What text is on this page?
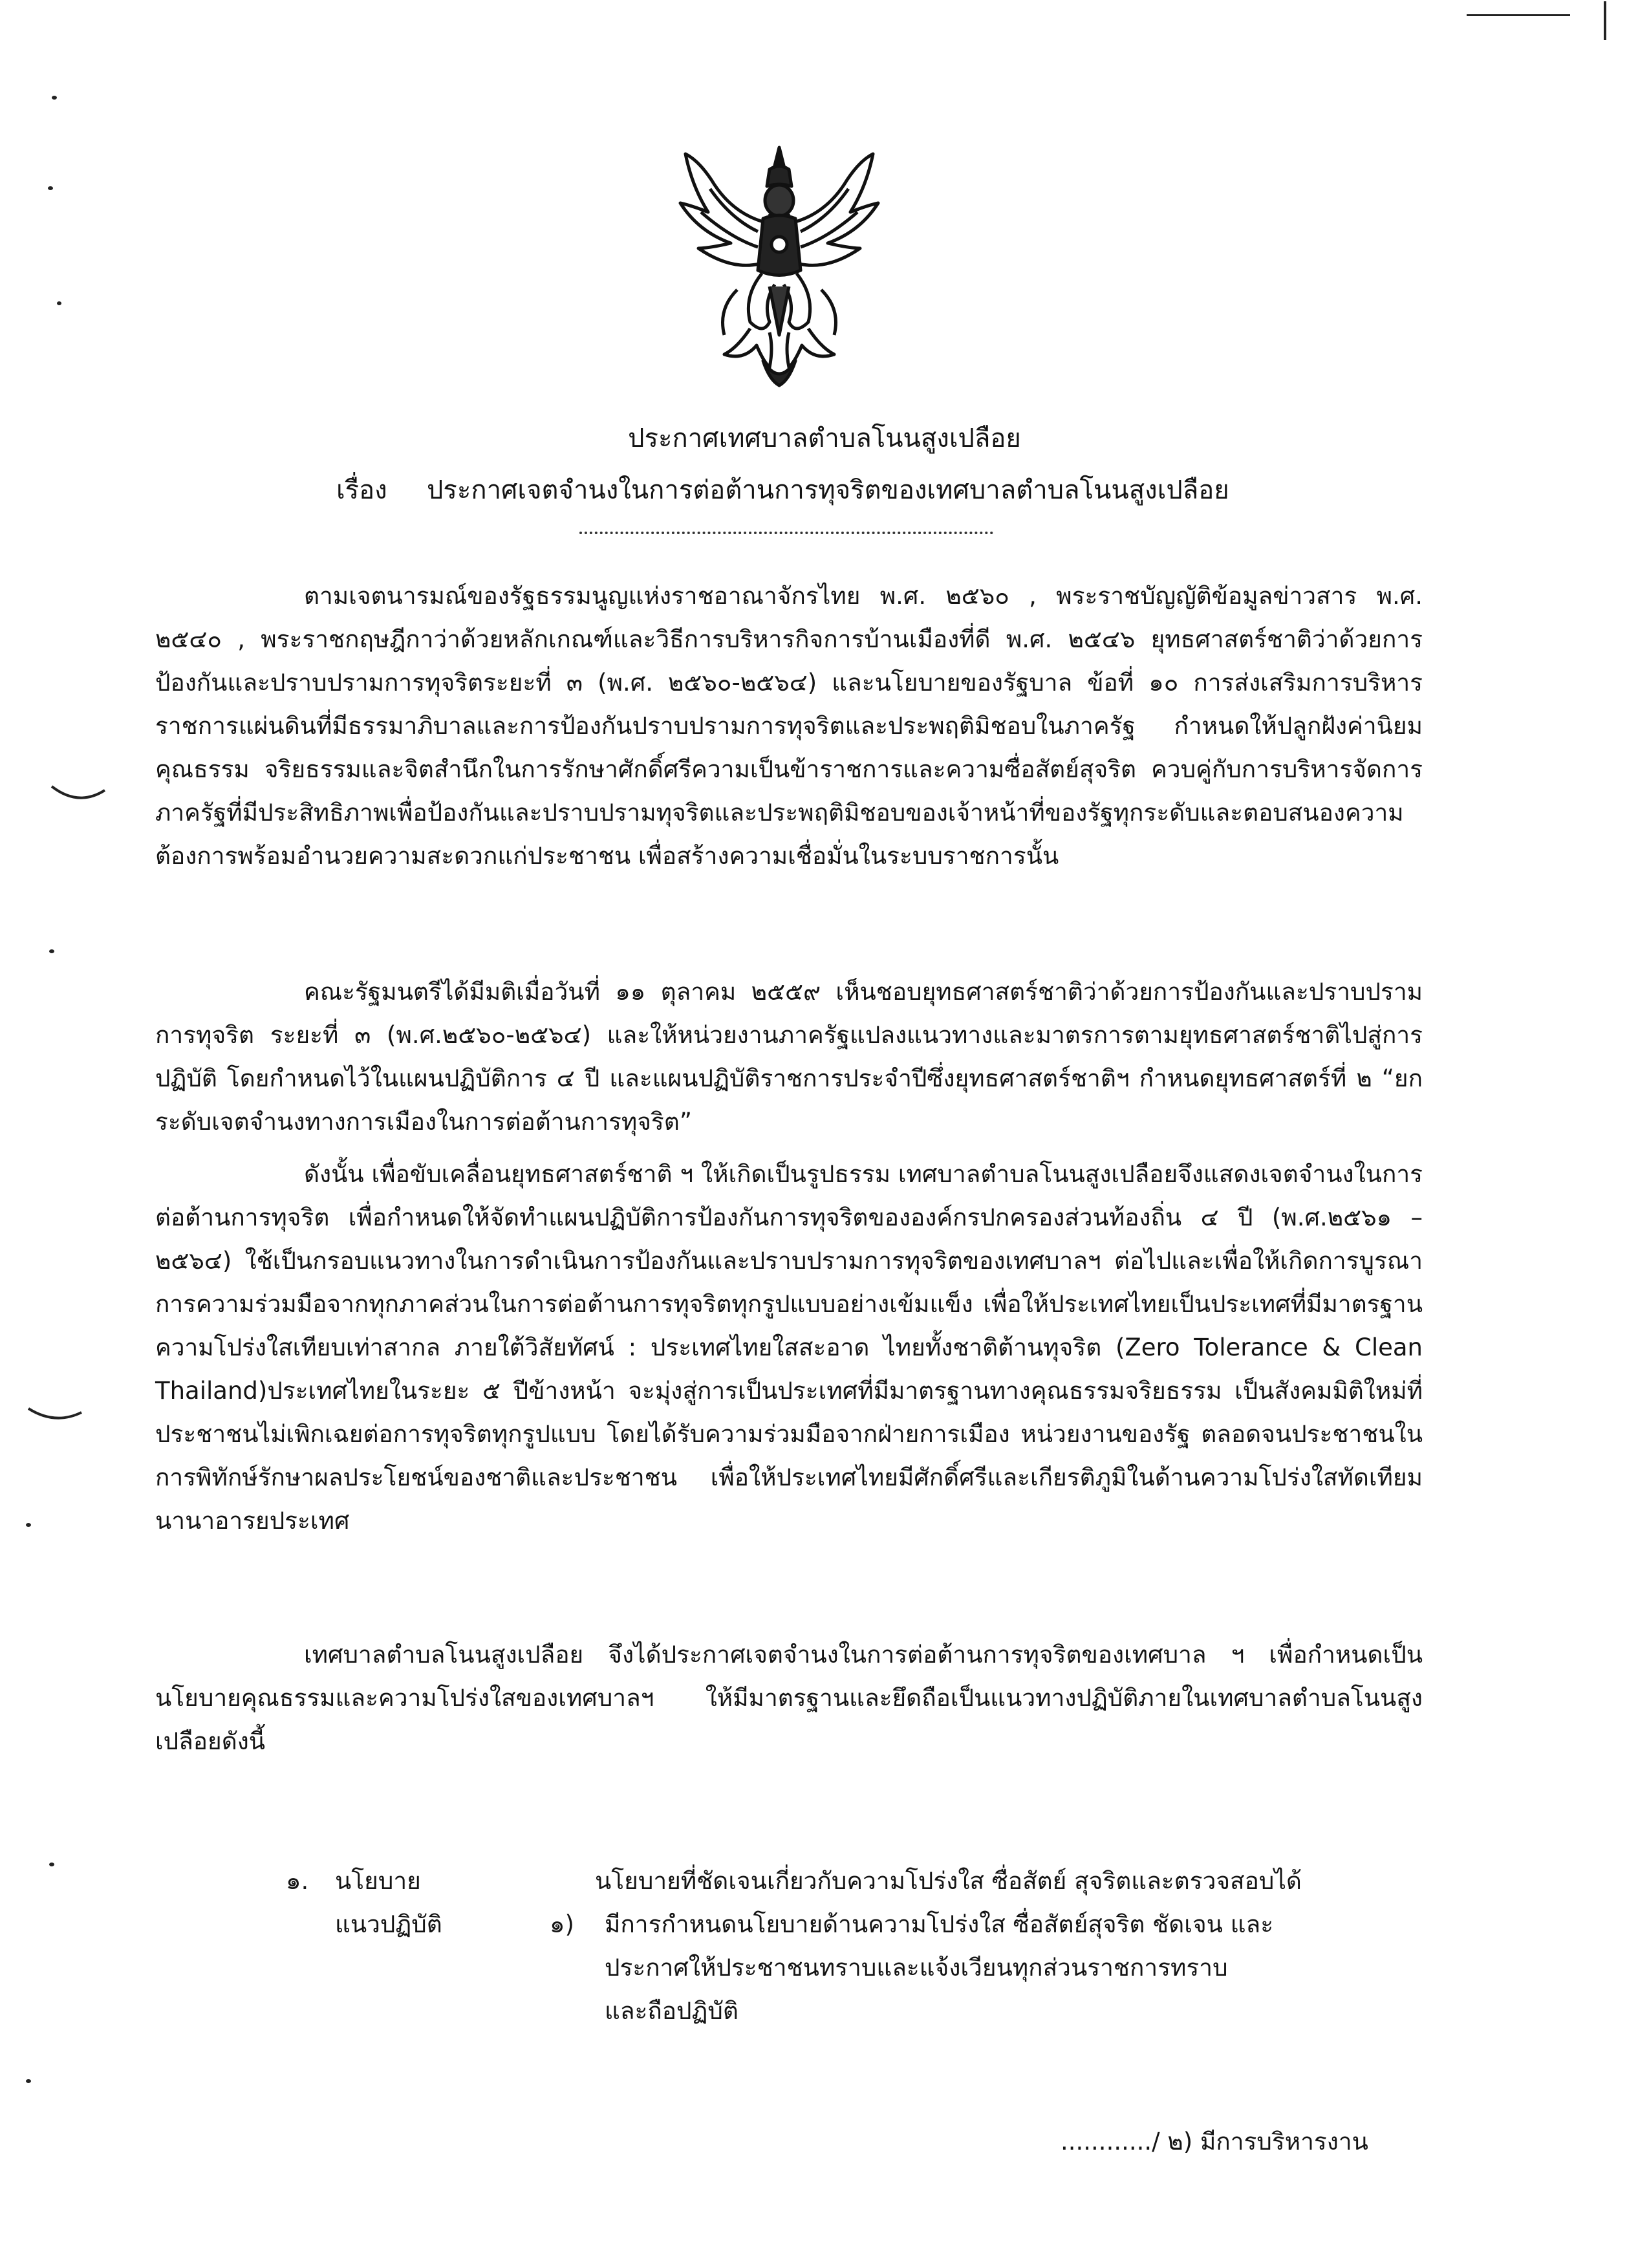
ประกาศเทศบาลตำบลโนนสูงเปลือย
เรื่อง ประกาศเจตจำนงในการต่อต้านการทุจริตของเทศบาลตำบลโนนสูงเปลือย

ตามเจตนารมณ์ของรัฐธรรมนูญแห่งราชอาณาจักรไทย พ.ศ. ๒๕๖๐ , พระราชบัญญัติข้อมูลข่าวสาร พ.ศ. ๒๕๔๐ , พระราชกฤษฎีกาว่าด้วยหลักเกณฑ์และวิธีการบริหารกิจการบ้านเมืองที่ดี พ.ศ. ๒๕๔๖ ยุทธศาสตร์ชาติว่าด้วยการป้องกันและปราบปรามการทุจริตระยะที่ ๓ (พ.ศ. ๒๕๖๐-๒๕๖๔) และนโยบายของรัฐบาล ข้อที่ ๑๐ การส่งเสริมการบริหารราชการแผ่นดินที่มีธรรมาภิบาลและการป้องกันปราบปรามการทุจริตและประพฤติมิชอบในภาครัฐ กำหนดให้ปลูกฝังค่านิยมคุณธรรม จริยธรรมและจิตสำนึกในการรักษาศักดิ์ศรีความเป็นข้าราชการและความซื่อสัตย์สุจริต ควบคู่กับการบริหารจัดการภาครัฐที่มีประสิทธิภาพเพื่อป้องกันและปราบปรามทุจริตและประพฤติมิชอบของเจ้าหน้าที่ของรัฐทุกระดับและตอบสนองความต้องการพร้อมอำนวยความสะดวกแก่ประชาชน เพื่อสร้างความเชื่อมั่นในระบบราชการนั้น

คณะรัฐมนตรีได้มีมติเมื่อวันที่ ๑๑ ตุลาคม ๒๕๕๙ เห็นชอบยุทธศาสตร์ชาติว่าด้วยการป้องกันและปราบปรามการทุจริต ระยะที่ ๓ (พ.ศ.๒๕๖๐-๒๕๖๔) และให้หน่วยงานภาครัฐแปลงแนวทางและมาตรการตามยุทธศาสตร์ชาติไปสู่การปฏิบัติ โดยกำหนดไว้ในแผนปฏิบัติการ ๔ ปี และแผนปฏิบัติราชการประจำปีซึ่งยุทธศาสตร์ชาติฯ กำหนดยุทธศาสตร์ที่ ๒ “ยกระดับเจตจำนงทางการเมืองในการต่อต้านการทุจริต”

ดังนั้น เพื่อขับเคลื่อนยุทธศาสตร์ชาติ ฯ ให้เกิดเป็นรูปธรรม เทศบาลตำบลโนนสูงเปลือยจึงแสดงเจตจำนงในการต่อต้านการทุจริต เพื่อกำหนดให้จัดทำแผนปฏิบัติการป้องกันการทุจริตขององค์กรปกครองส่วนท้องถิ่น ๔ ปี (พ.ศ.๒๕๖๑ – ๒๕๖๔) ใช้เป็นกรอบแนวทางในการดำเนินการป้องกันและปราบปรามการทุจริตของเทศบาลฯ ต่อไปและเพื่อให้เกิดการบูรณาการความร่วมมือจากทุกภาคส่วนในการต่อต้านการทุจริตทุกรูปแบบอย่างเข้มแข็ง เพื่อให้ประเทศไทยเป็นประเทศที่มีมาตรฐานความโปร่งใสเทียบเท่าสากล ภายใต้วิสัยทัศน์ : ประเทศไทยใสสะอาด ไทยทั้งชาติต้านทุจริต (Zero Tolerance & Clean Thailand)ประเทศไทยในระยะ ๕ ปีข้างหน้า จะมุ่งสู่การเป็นประเทศที่มีมาตรฐานทางคุณธรรมจริยธรรม เป็นสังคมมิติใหม่ที่ประชาชนไม่เพิกเฉยต่อการทุจริตทุกรูปแบบ โดยได้รับความร่วมมือจากฝ่ายการเมือง หน่วยงานของรัฐ ตลอดจนประชาชนในการพิทักษ์รักษาผลประโยชน์ของชาติและประชาชน เพื่อให้ประเทศไทยมีศักดิ์ศรีและเกียรติภูมิในด้านความโปร่งใสทัดเทียมนานาอารยประเทศ

เทศบาลตำบลโนนสูงเปลือย จึงได้ประกาศเจตจำนงในการต่อต้านการทุจริตของเทศบาล ฯ เพื่อกำหนดเป็นนโยบายคุณธรรมและความโปร่งใสของเทศบาลฯ ให้มีมาตรฐานและยึดถือเป็นแนวทางปฏิบัติภายในเทศบาลตำบลโนนสูงเปลือยดังนี้

๑. นโยบาย
แนวปฏิบัติ
นโยบายที่ชัดเจนเกี่ยวกับความโปร่งใส ซื่อสัตย์ สุจริตและตรวจสอบได้
๑) มีการกำหนดนโยบายด้านความโปร่งใส ซื่อสัตย์สุจริต ชัดเจน และ
ประกาศให้ประชาชนทราบและแจ้งเวียนทุกส่วนราชการทราบ
และถือปฏิบัติ
............/ ๒) มีการบริหารงาน
